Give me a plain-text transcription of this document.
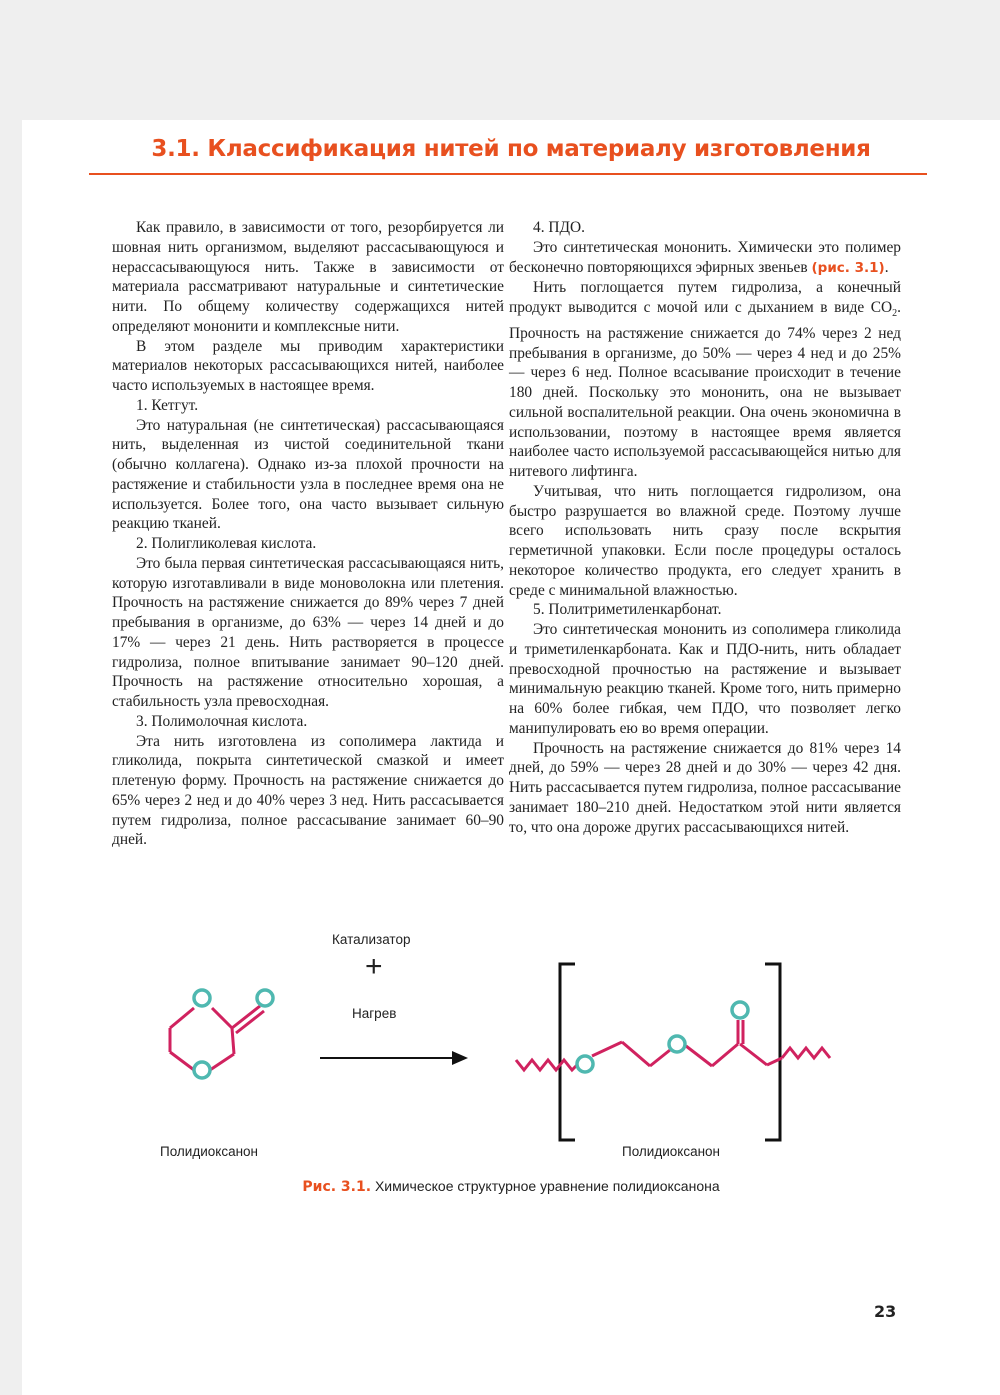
3.1. Классификация нитей по материалу изготовления

Как правило, в зависимости от того, резорбируется ли шовная нить организмом, выделяют рассасывающуюся и нерассасывающуюся нить. Также в зависимости от материала рассматривают натуральные и синтетические нити. По общему количеству содержащихся нитей определяют мононити и комплексные нити.

В этом разделе мы приводим характеристики материалов некоторых рассасывающихся нитей, наиболее часто используемых в настоящее время.

1. Кетгут.

Это натуральная (не синтетическая) рассасывающаяся нить, выделенная из чистой соединительной ткани (обычно коллагена). Однако из-за плохой прочности на растяжение и стабильности узла в последнее время она не используется. Более того, она часто вызывает сильную реакцию тканей.

2. Полигликолевая кислота.

Это была первая синтетическая рассасывающаяся нить, которую изготавливали в виде моноволокна или плетения. Прочность на растяжение снижается до 89% через 7 дней пребывания в организме, до 63% — через 14 дней и до 17% — через 21 день. Нить растворяется в процессе гидролиза, полное впитывание занимает 90–120 дней. Прочность на растяжение относительно хорошая, а стабильность узла превосходная.

3. Полимолочная кислота.

Эта нить изготовлена из сополимера лактида и гликолида, покрыта синтетической смазкой и имеет плетеную форму. Прочность на растяжение снижается до 65% через 2 нед и до 40% через 3 нед. Нить рассасывается путем гидролиза, полное рассасывание занимает 60–90 дней.

4. ПДО.

Это синтетическая мононить. Химически это полимер бесконечно повторяющихся эфирных звеньев (рис. 3.1).

Нить поглощается путем гидролиза, а конечный продукт выводится с мочой или с дыханием в виде $CO_2$. Прочность на растяжение снижается до 74% через 2 нед пребывания в организме, до 50% — через 4 нед и до 25% — через 6 нед. Полное всасывание происходит в течение 180 дней. Поскольку это мононить, она не вызывает сильной воспалительной реакции. Она очень экономична в использовании, поэтому в настоящее время является наиболее часто используемой рассасывающейся нитью для нитевого лифтинга.

Учитывая, что нить поглощается гидролизом, она быстро разрушается во влажной среде. Поэтому лучше всего использовать нить сразу после вскрытия герметичной упаковки. Если после процедуры осталось некоторое количество продукта, его следует хранить в среде с минимальной влажностью.

5. Политриметиленкарбонат.

Это синтетическая мононить из сополимера гликолида и триметиленкарбоната. Как и ПДО-нить, нить обладает превосходной прочностью на растяжение и вызывает минимальную реакцию тканей. Кроме того, нить примерно на 60% более гибкая, чем ПДО, что позволяет легко манипулировать ею во время операции.

Прочность на растяжение снижается до 81% через 14 дней, до 59% — через 28 дней и до 30% — через 42 дня. Нить рассасывается путем гидролиза, полное рассасывание занимает 180–210 дней. Недостатком этой нити является то, что она дороже других рассасывающихся нитей.

Катализатор
+
Нагрев
Полидиоксанон	Полидиоксанон
Рис. 3.1. Химическое структурное уравнение полидиоксанона
23
